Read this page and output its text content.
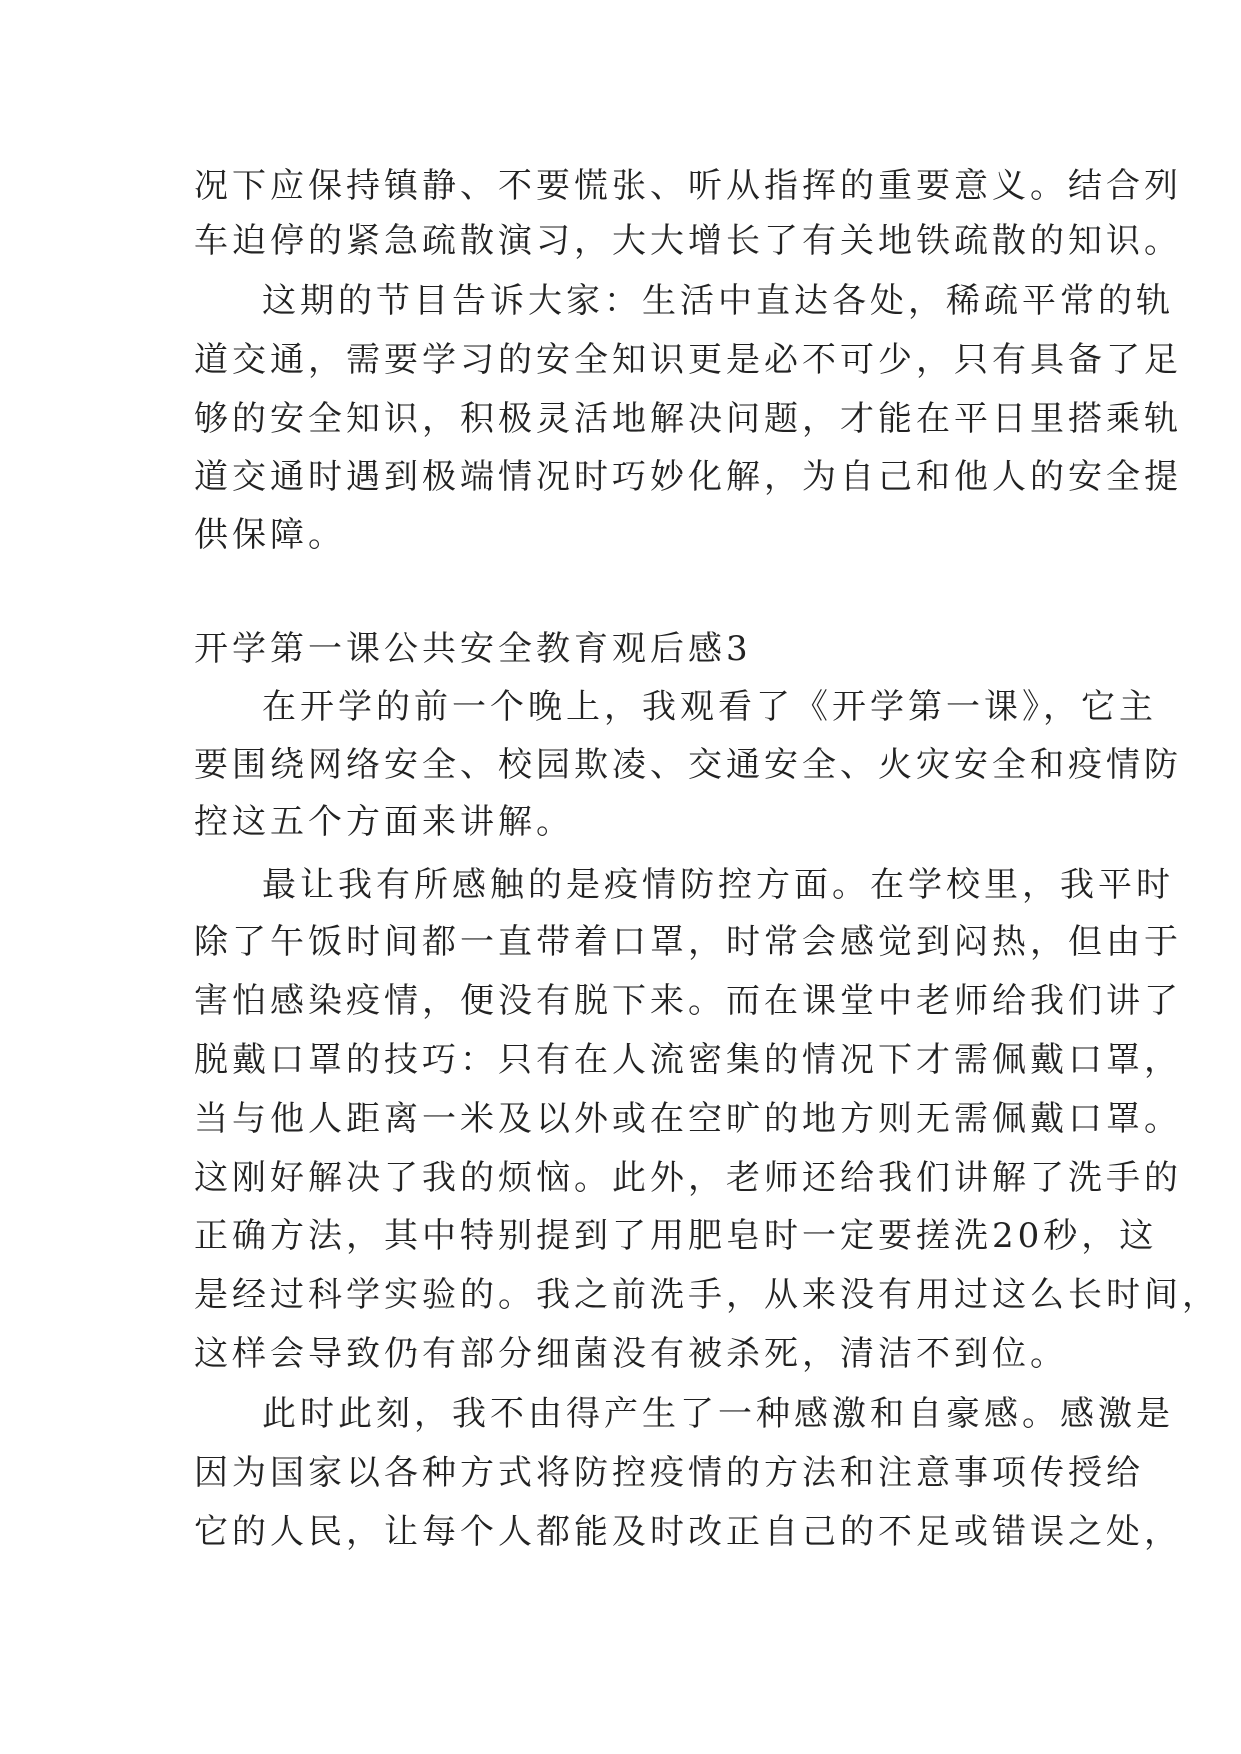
况下应保持镇静、不要慌张、听从指挥的重要意义。结合列
车迫停的紧急疏散演习，大大增长了有关地铁疏散的知识。
这期的节目告诉大家：生活中直达各处，稀疏平常的轨
道交通，需要学习的安全知识更是必不可少，只有具备了足
够的安全知识，积极灵活地解决问题，才能在平日里搭乘轨
道交通时遇到极端情况时巧妙化解，为自己和他人的安全提
供保障。
开学第一课公共安全教育观后感3
在开学的前一个晚上，我观看了《开学第一课》，它主
要围绕网络安全、校园欺凌、交通安全、火灾安全和疫情防
控这五个方面来讲解。
最让我有所感触的是疫情防控方面。在学校里，我平时
除了午饭时间都一直带着口罩，时常会感觉到闷热，但由于
害怕感染疫情，便没有脱下来。而在课堂中老师给我们讲了
脱戴口罩的技巧：只有在人流密集的情况下才需佩戴口罩，
当与他人距离一米及以外或在空旷的地方则无需佩戴口罩。
这刚好解决了我的烦恼。此外，老师还给我们讲解了洗手的
正确方法，其中特别提到了用肥皂时一定要搓洗20秒，这
是经过科学实验的。我之前洗手，从来没有用过这么长时间，
这样会导致仍有部分细菌没有被杀死，清洁不到位。
此时此刻，我不由得产生了一种感激和自豪感。感激是
因为国家以各种方式将防控疫情的方法和注意事项传授给
它的人民，让每个人都能及时改正自己的不足或错误之处，
